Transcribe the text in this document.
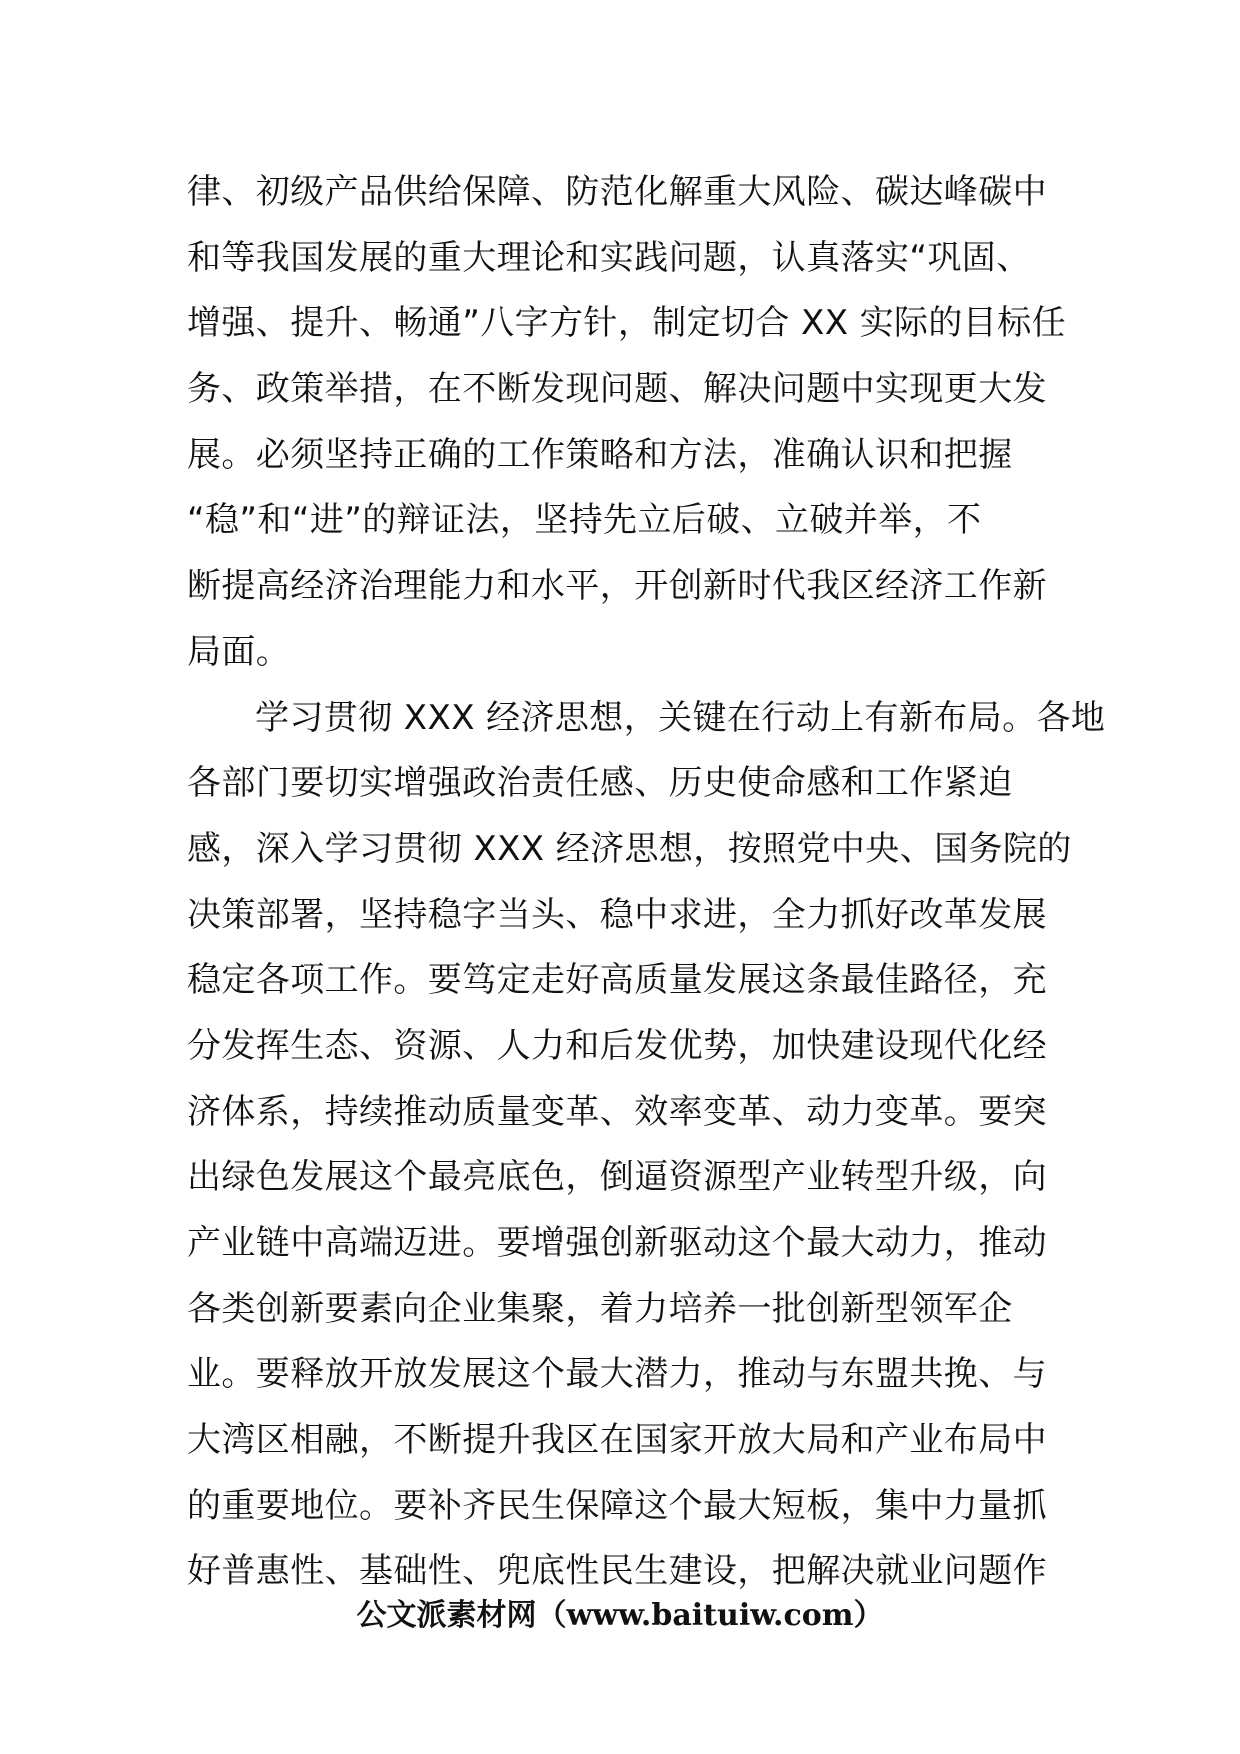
律、初级产品供给保障、防范化解重大风险、碳达峰碳中
和等我国发展的重大理论和实践问题，认真落实“巩固、
增强、提升、畅通”八字方针，制定切合 XX 实际的目标任
务、政策举措，在不断发现问题、解决问题中实现更大发
展。必须坚持正确的工作策略和方法，准确认识和把握
“稳”和“进”的辩证法，坚持先立后破、立破并举，不
断提高经济治理能力和水平，开创新时代我区经济工作新
局面。
学习贯彻 XXX 经济思想，关键在行动上有新布局。各地
各部门要切实增强政治责任感、历史使命感和工作紧迫
感，深入学习贯彻 XXX 经济思想，按照党中央、国务院的
决策部署，坚持稳字当头、稳中求进，全力抓好改革发展
稳定各项工作。要笃定走好高质量发展这条最佳路径，充
分发挥生态、资源、人力和后发优势，加快建设现代化经
济体系，持续推动质量变革、效率变革、动力变革。要突
出绿色发展这个最亮底色，倒逼资源型产业转型升级，向
产业链中高端迈进。要增强创新驱动这个最大动力，推动
各类创新要素向企业集聚，着力培养一批创新型领军企
业。要释放开放发展这个最大潜力，推动与东盟共挽、与
大湾区相融，不断提升我区在国家开放大局和产业布局中
的重要地位。要补齐民生保障这个最大短板，集中力量抓
好普惠性、基础性、兜底性民生建设，把解决就业问题作
公文派素材网（www.baituiw.com）
